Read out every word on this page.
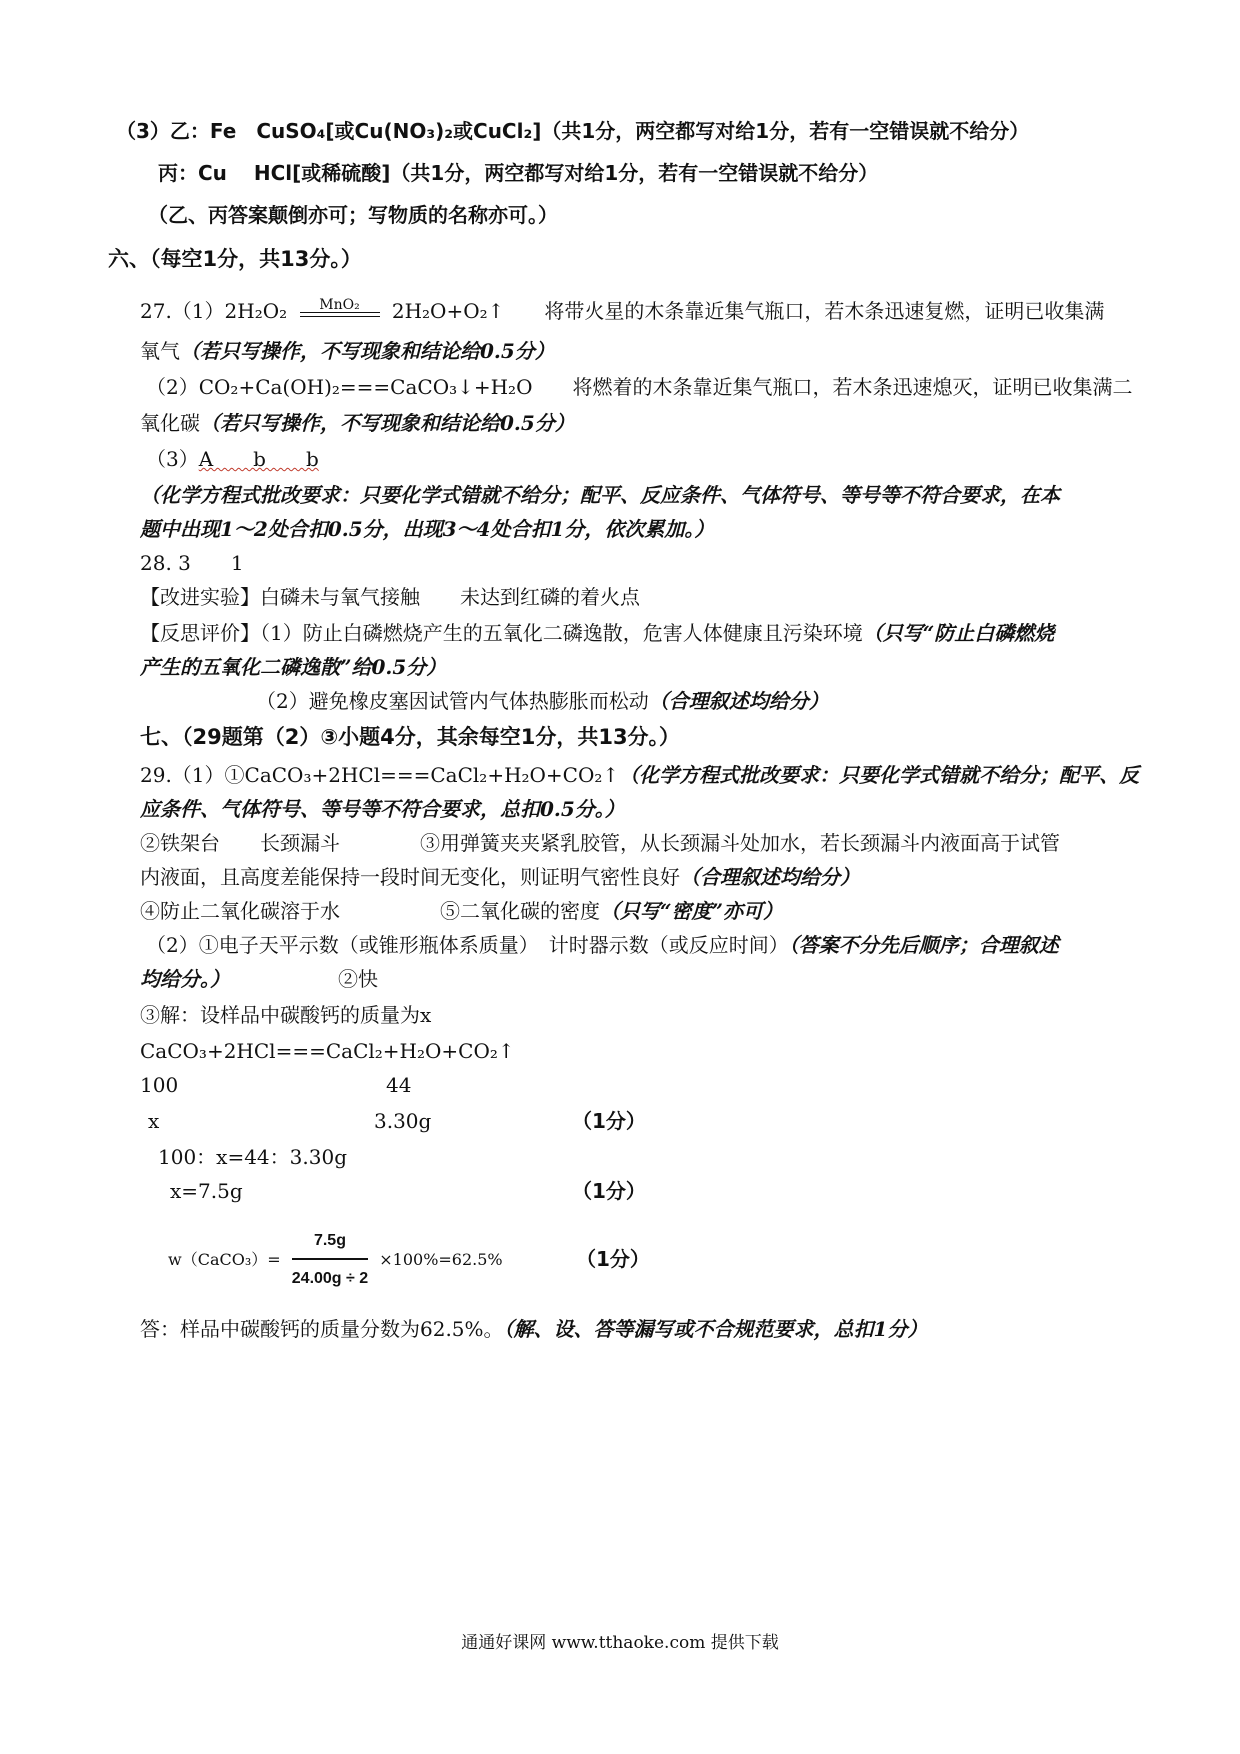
（3）乙：Fe　CuSO₄[或Cu(NO₃)₂或CuCl₂]（共1分，两空都写对给1分，若有一空错误就不给分）
丙：Cu　 HCl[或稀硫酸]（共1分，两空都写对给1分，若有一空错误就不给分）
（乙、丙答案颠倒亦可；写物质的名称亦可。）
六、（每空1分，共13分。）
27.（1）2H₂O₂	MnO₂	2H₂O+O₂↑　　将带火星的木条靠近集气瓶口，若木条迅速复燃，证明已收集满
氧气（若只写操作，不写现象和结论给0.5分）
（2）CO₂+Ca(OH)₂===CaCO₃↓+H₂O　　将燃着的木条靠近集气瓶口，若木条迅速熄灭，证明已收集满二
氧化碳（若只写操作，不写现象和结论给0.5分）
（3）A　　b　　b
（化学方程式批改要求：只要化学式错就不给分；配平、反应条件、气体符号、等号等不符合要求，在本
题中出现1～2处合扣0.5分，出现3～4处合扣1分，依次累加。）
28. 3　　1
【改进实验】白磷未与氧气接触　　未达到红磷的着火点
【反思评价】（1）防止白磷燃烧产生的五氧化二磷逸散，危害人体健康且污染环境（只写“防止白磷燃烧
产生的五氧化二磷逸散”给0.5分）
（2）避免橡皮塞因试管内气体热膨胀而松动（合理叙述均给分）
七、（29题第（2）③小题4分，其余每空1分，共13分。）
29.（1）①CaCO₃+2HCl===CaCl₂+H₂O+CO₂↑（化学方程式批改要求：只要化学式错就不给分；配平、反
应条件、气体符号、等号等不符合要求，总扣0.5分。）
②铁架台　　长颈漏斗　　　　③用弹簧夹夹紧乳胶管，从长颈漏斗处加水，若长颈漏斗内液面高于试管
内液面，且高度差能保持一段时间无变化，则证明气密性良好（合理叙述均给分）
④防止二氧化碳溶于水　　　　　⑤二氧化碳的密度（只写“密度”亦可）
（2）①电子天平示数（或锥形瓶体系质量）　计时器示数（或反应时间）（答案不分先后顺序；合理叙述
均给分。）	②快
③解：设样品中碳酸钙的质量为x
CaCO₃+2HCl===CaCl₂+H₂O+CO₂↑
100	44
x	3.30g	（1分）
100：x=44：3.30g
x=7.5g	（1分）
w（CaCO₃）= $\frac{7.5g}{24.00g \div 2} \times 100\%=62.5\%$	（1分）
答：样品中碳酸钙的质量分数为62.5%。（解、设、答等漏写或不合规范要求，总扣1分）
通通好课网 www.tthaoke.com 提供下载
